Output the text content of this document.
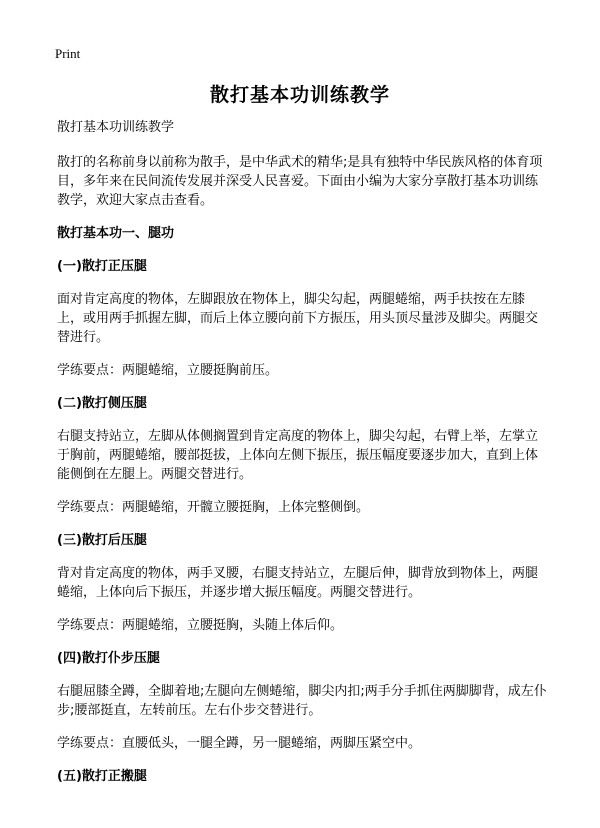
Print
散打基本功训练教学

散打基本功训练教学

散打的名称前身以前称为散手，是中华武术的精华;是具有独特中华民族风格的体育项目，多年来在民间流传发展并深受人民喜爱。下面由小编为大家分享散打基本功训练教学，欢迎大家点击查看。

散打基本功一、腿功
(一)散打正压腿

面对肯定高度的物体，左脚跟放在物体上，脚尖勾起，两腿蜷缩，两手扶按在左膝上，或用两手抓握左脚，而后上体立腰向前下方振压，用头顶尽量涉及脚尖。两腿交替进行。

学练要点：两腿蜷缩，立腰挺胸前压。

(二)散打侧压腿

右腿支持站立，左脚从体侧搁置到肯定高度的物体上，脚尖勾起，右臂上举，左掌立于胸前，两腿蜷缩，腰部挺拔，上体向左侧下振压，振压幅度要逐步加大，直到上体能侧倒在左腿上。两腿交替进行。

学练要点：两腿蜷缩，开髋立腰挺胸，上体完整侧倒。

(三)散打后压腿

背对肯定高度的物体，两手叉腰，右腿支持站立，左腿后伸，脚背放到物体上，两腿蜷缩，上体向后下振压，并逐步增大振压幅度。两腿交替进行。

学练要点：两腿蜷缩，立腰挺胸，头随上体后仰。

(四)散打仆步压腿

右腿屈膝全蹲，全脚着地;左腿向左侧蜷缩，脚尖内扣;两手分手抓住两脚脚背，成左仆步;腰部挺直，左转前压。左右仆步交替进行。

学练要点：直腰低头，一腿全蹲，另一腿蜷缩，两脚压紧空中。

(五)散打正搬腿
